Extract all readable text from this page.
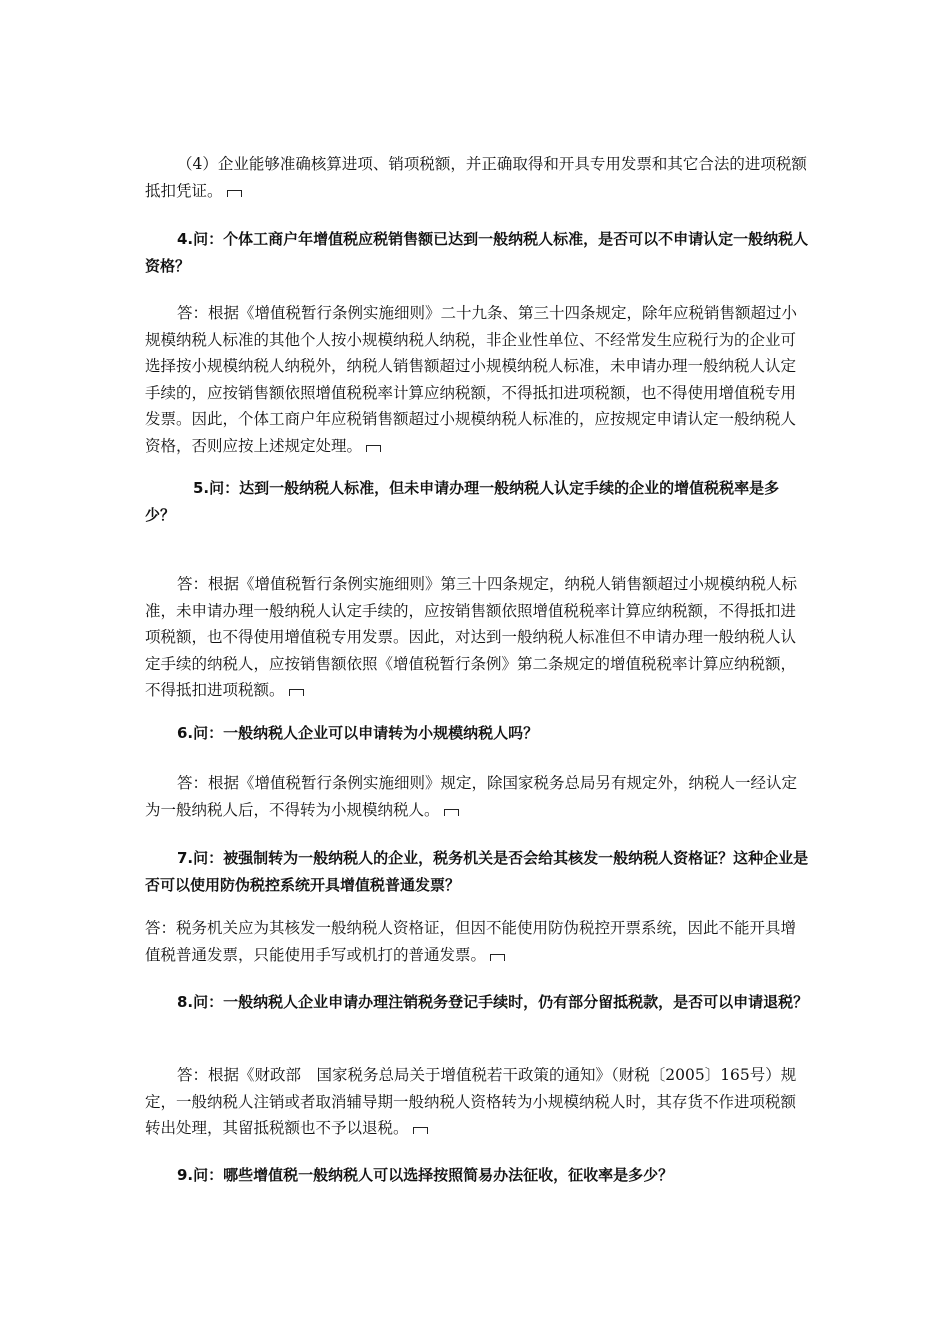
（4）企业能够准确核算进项、销项税额，并正确取得和开具专用发票和其它合法的进项税额抵扣凭证。

4.问：个体工商户年增值税应税销售额已达到一般纳税人标准，是否可以不申请认定一般纳税人资格？

答：根据《增值税暂行条例实施细则》二十九条、第三十四条规定，除年应税销售额超过小规模纳税人标准的其他个人按小规模纳税人纳税，非企业性单位、不经常发生应税行为的企业可选择按小规模纳税人纳税外，纳税人销售额超过小规模纳税人标准，未申请办理一般纳税人认定手续的，应按销售额依照增值税税率计算应纳税额，不得抵扣进项税额，也不得使用增值税专用发票。因此，个体工商户年应税销售额超过小规模纳税人标准的，应按规定申请认定一般纳税人资格，否则应按上述规定处理。

5.问：达到一般纳税人标准，但未申请办理一般纳税人认定手续的企业的增值税税率是多少？

答：根据《增值税暂行条例实施细则》第三十四条规定，纳税人销售额超过小规模纳税人标准，未申请办理一般纳税人认定手续的，应按销售额依照增值税税率计算应纳税额，不得抵扣进项税额，也不得使用增值税专用发票。因此，对达到一般纳税人标准但不申请办理一般纳税人认定手续的纳税人，应按销售额依照《增值税暂行条例》第二条规定的增值税税率计算应纳税额，不得抵扣进项税额。

6.问：一般纳税人企业可以申请转为小规模纳税人吗？

答：根据《增值税暂行条例实施细则》规定，除国家税务总局另有规定外，纳税人一经认定为一般纳税人后，不得转为小规模纳税人。

7.问：被强制转为一般纳税人的企业，税务机关是否会给其核发一般纳税人资格证？这种企业是否可以使用防伪税控系统开具增值税普通发票？

答：税务机关应为其核发一般纳税人资格证，但因不能使用防伪税控开票系统，因此不能开具增值税普通发票，只能使用手写或机打的普通发票。

8.问：一般纳税人企业申请办理注销税务登记手续时，仍有部分留抵税款，是否可以申请退税？

答：根据《财政部　国家税务总局关于增值税若干政策的通知》（财税〔2005〕165号）规定，一般纳税人注销或者取消辅导期一般纳税人资格转为小规模纳税人时，其存货不作进项税额转出处理，其留抵税额也不予以退税。

9.问：哪些增值税一般纳税人可以选择按照简易办法征收，征收率是多少？
